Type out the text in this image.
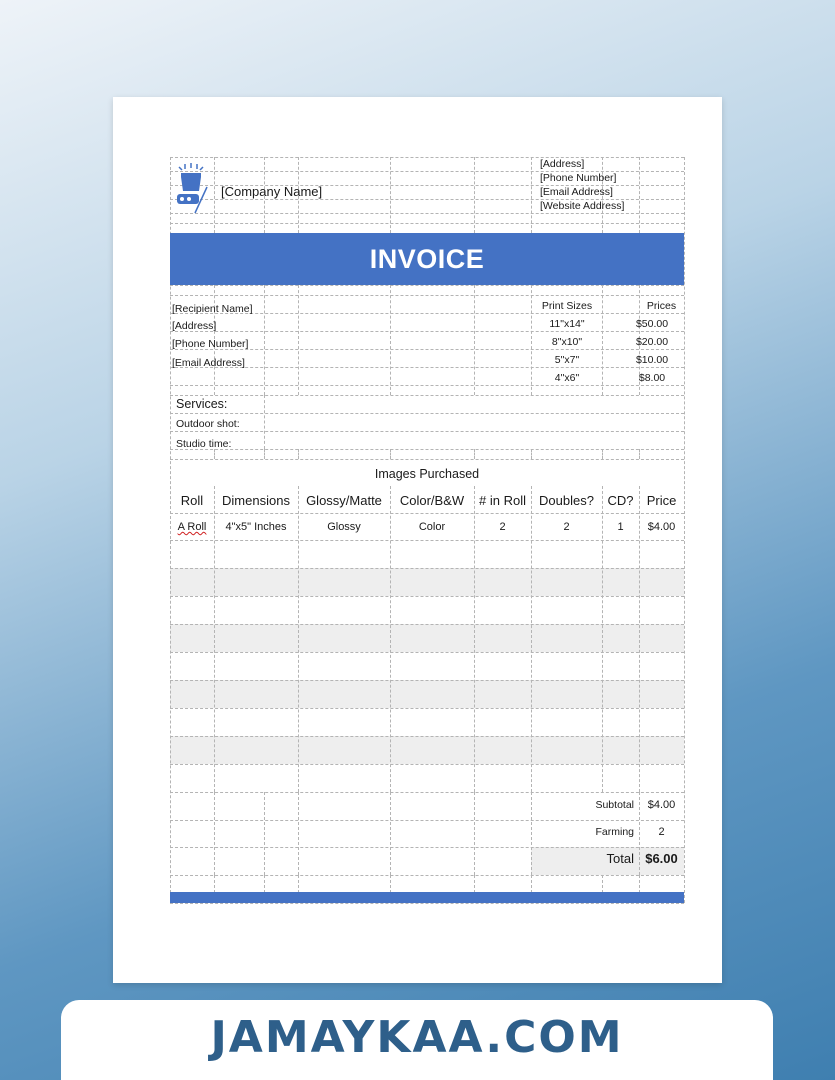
[Company Name]
[Address]
[Phone Number]
[Email Address]
[Website Address]
INVOICE
[Recipient Name]
[Address]
[Phone Number]
[Email Address]
Print Sizes	Prices
11"x14"	$50.00
8"x10"	$20.00
5"x7"	$10.00
4"x6"	$8.00
Services:
Outdoor shot:
Studio time:
Images Purchased
Roll	Dimensions	Glossy/Matte	Color/B&W	# in Roll	Doubles?	CD?	Price
A Roll	4"x5" Inches	Glossy	Color	2	2	1	$4.00
Subtotal	$4.00
Farming	2
Total $6.00
JAMAYKAA.COM
